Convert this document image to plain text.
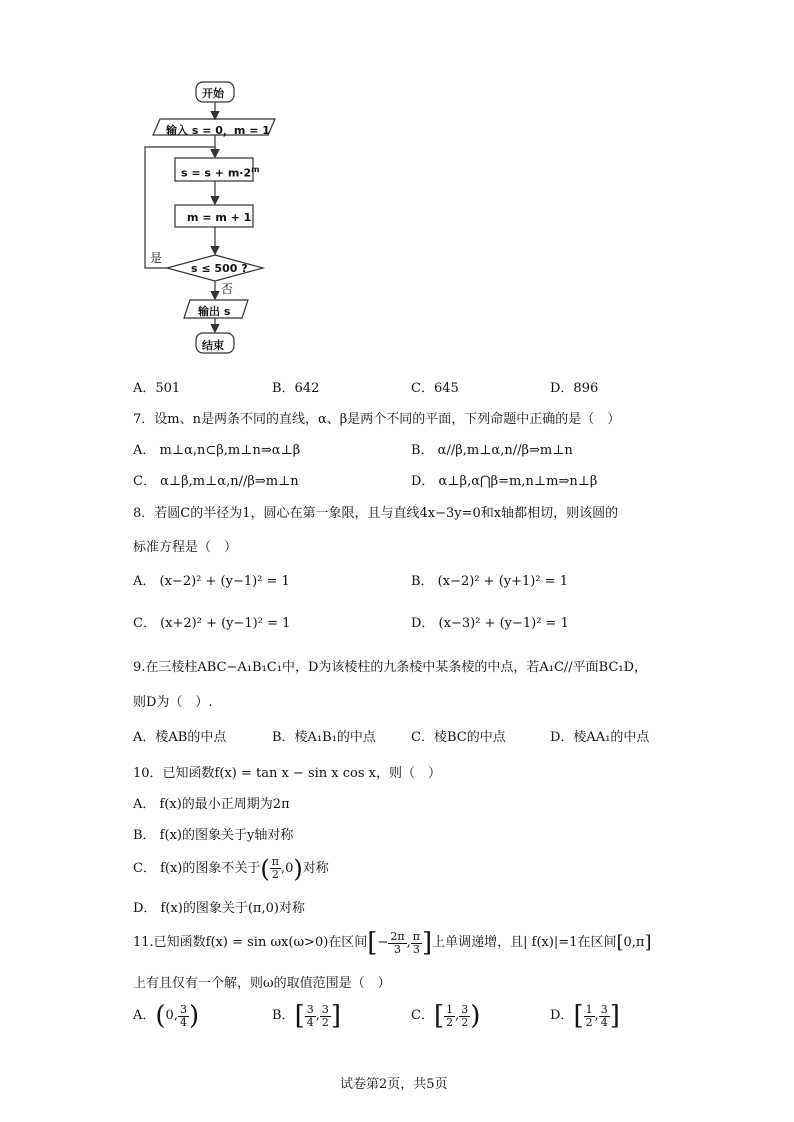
开始
输入 s = 0，m = 1
$s = s + m\cdot 2^m$
m = m + 1
s ≤ 500 ?
是
否
输出 s
结束
A．501	B．642	C．645	D．896
7．设m、n是两条不同的直线，α、β是两个不同的平面，下列命题中正确的是（　）
A． m⊥α,n⊂β,m⊥n⇒α⊥β	B． α//β,m⊥α,n//β⇒m⊥n
C． α⊥β,m⊥α,n//β⇒m⊥n	D． α⊥β,α⋂β=m,n⊥m⇒n⊥β
8．若圆C的半径为1，圆心在第一象限，且与直线4x−3y=0和x轴都相切，则该圆的
标准方程是（　）
A． (x−2)² + (y−1)² = 1	B． (x−2)² + (y+1)² = 1
C． (x+2)² + (y−1)² = 1	D． (x−3)² + (y−1)² = 1
9.在三棱柱ABC−A₁B₁C₁中，D为该棱柱的九条棱中某条棱的中点，若A₁C//平面BC₁D，
则D为（　）.
A．棱AB的中点	B．棱A₁B₁的中点	C．棱BC的中点	D．棱AA₁的中点
10．已知函数f(x) = tan x − sin x cos x，则（　）
A． f(x)的最小正周期为2π
B． f(x)的图象关于y轴对称
C． f(x)的图象不关于 ( π
2 ,0 ) 对称
D． f(x)的图象关于(π,0)对称
11.已知函数f(x) = sin ωx(ω>0)在区间 [ − $\frac{2\pi}{3}$ , π
3 ] 上单调递增，且| f(x)|=1在区间 [ 0,π ]
上有且仅有一个解，则ω的取值范围是（　）
A． ( 0, 3
4 )	B． [ 3
4 , 3
2 ]	C． [ 1
2 , 3
2 )	D． [ 1
2 , 3
4 ]
试卷第2页，共5页
